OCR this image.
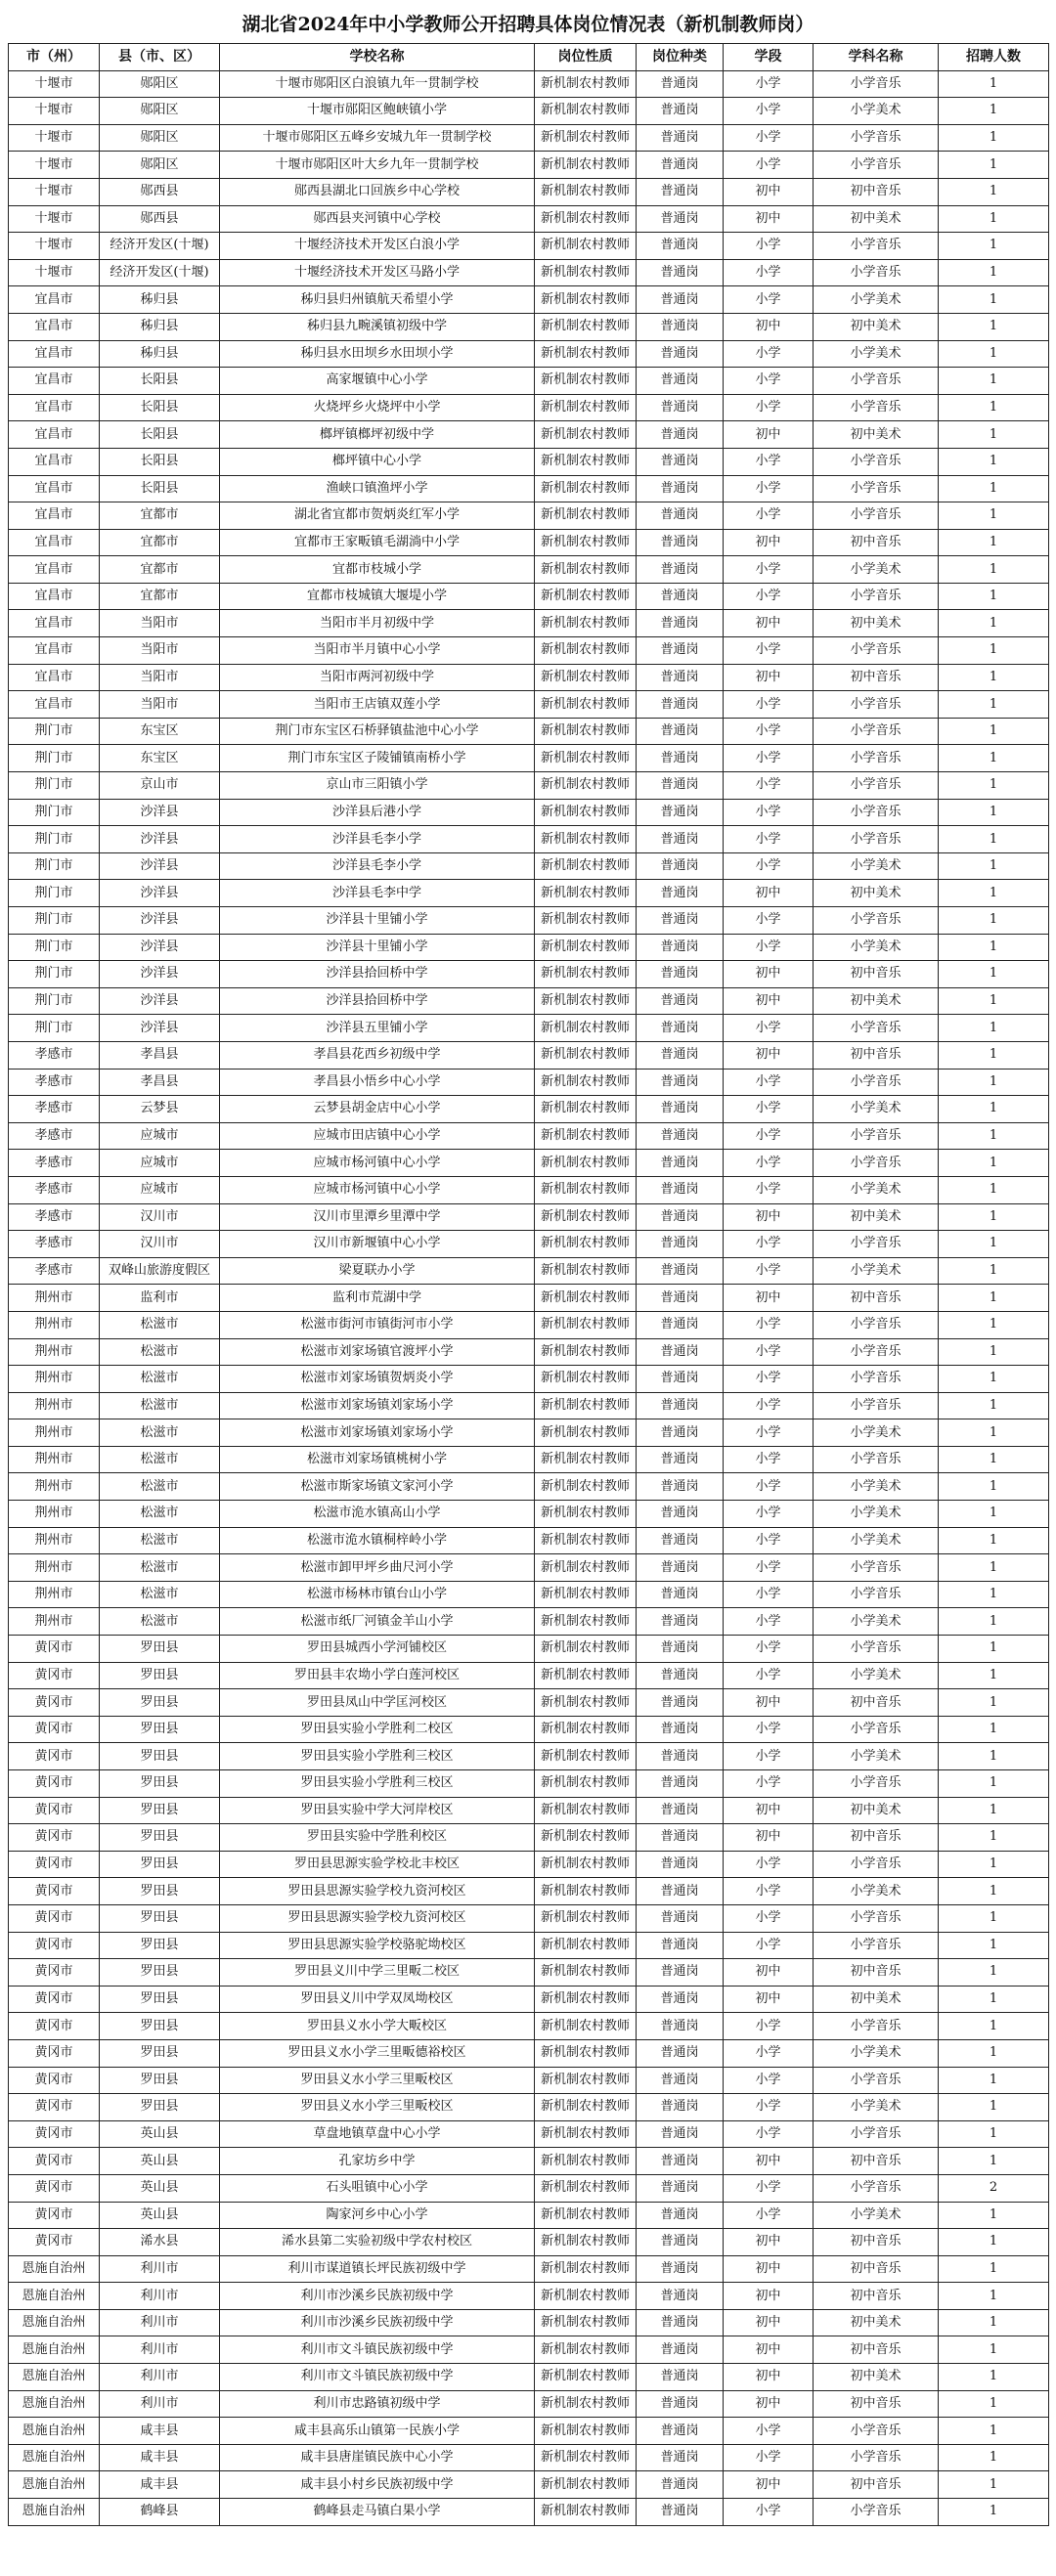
湖北省2024年中小学教师公开招聘具体岗位情况表（新机制教师岗）
市（州）	县（市、区）	学校名称	岗位性质	岗位种类	学段	学科名称	招聘人数
十堰市	郧阳区	十堰市郧阳区白浪镇九年一贯制学校	新机制农村教师	普通岗	小学	小学音乐	1
十堰市	郧阳区	十堰市郧阳区鲍峡镇小学	新机制农村教师	普通岗	小学	小学美术	1
十堰市	郧阳区	十堰市郧阳区五峰乡安城九年一贯制学校	新机制农村教师	普通岗	小学	小学音乐	1
十堰市	郧阳区	十堰市郧阳区叶大乡九年一贯制学校	新机制农村教师	普通岗	小学	小学音乐	1
十堰市	郧西县	郧西县湖北口回族乡中心学校	新机制农村教师	普通岗	初中	初中音乐	1
十堰市	郧西县	郧西县夹河镇中心学校	新机制农村教师	普通岗	初中	初中美术	1
十堰市	经济开发区(十堰)	十堰经济技术开发区白浪小学	新机制农村教师	普通岗	小学	小学音乐	1
十堰市	经济开发区(十堰)	十堰经济技术开发区马路小学	新机制农村教师	普通岗	小学	小学音乐	1
宜昌市	秭归县	秭归县归州镇航天希望小学	新机制农村教师	普通岗	小学	小学美术	1
宜昌市	秭归县	秭归县九畹溪镇初级中学	新机制农村教师	普通岗	初中	初中美术	1
宜昌市	秭归县	秭归县水田坝乡水田坝小学	新机制农村教师	普通岗	小学	小学美术	1
宜昌市	长阳县	高家堰镇中心小学	新机制农村教师	普通岗	小学	小学音乐	1
宜昌市	长阳县	火烧坪乡火烧坪中小学	新机制农村教师	普通岗	小学	小学音乐	1
宜昌市	长阳县	榔坪镇榔坪初级中学	新机制农村教师	普通岗	初中	初中美术	1
宜昌市	长阳县	榔坪镇中心小学	新机制农村教师	普通岗	小学	小学音乐	1
宜昌市	长阳县	渔峡口镇渔坪小学	新机制农村教师	普通岗	小学	小学音乐	1
宜昌市	宜都市	湖北省宜都市贺炳炎红军小学	新机制农村教师	普通岗	小学	小学音乐	1
宜昌市	宜都市	宜都市王家畈镇毛湖淌中小学	新机制农村教师	普通岗	初中	初中音乐	1
宜昌市	宜都市	宜都市枝城小学	新机制农村教师	普通岗	小学	小学美术	1
宜昌市	宜都市	宜都市枝城镇大堰堤小学	新机制农村教师	普通岗	小学	小学音乐	1
宜昌市	当阳市	当阳市半月初级中学	新机制农村教师	普通岗	初中	初中美术	1
宜昌市	当阳市	当阳市半月镇中心小学	新机制农村教师	普通岗	小学	小学音乐	1
宜昌市	当阳市	当阳市两河初级中学	新机制农村教师	普通岗	初中	初中音乐	1
宜昌市	当阳市	当阳市王店镇双莲小学	新机制农村教师	普通岗	小学	小学音乐	1
荆门市	东宝区	荆门市东宝区石桥驿镇盐池中心小学	新机制农村教师	普通岗	小学	小学音乐	1
荆门市	东宝区	荆门市东宝区子陵铺镇南桥小学	新机制农村教师	普通岗	小学	小学音乐	1
荆门市	京山市	京山市三阳镇小学	新机制农村教师	普通岗	小学	小学音乐	1
荆门市	沙洋县	沙洋县后港小学	新机制农村教师	普通岗	小学	小学音乐	1
荆门市	沙洋县	沙洋县毛李小学	新机制农村教师	普通岗	小学	小学音乐	1
荆门市	沙洋县	沙洋县毛李小学	新机制农村教师	普通岗	小学	小学美术	1
荆门市	沙洋县	沙洋县毛李中学	新机制农村教师	普通岗	初中	初中美术	1
荆门市	沙洋县	沙洋县十里铺小学	新机制农村教师	普通岗	小学	小学音乐	1
荆门市	沙洋县	沙洋县十里铺小学	新机制农村教师	普通岗	小学	小学美术	1
荆门市	沙洋县	沙洋县拾回桥中学	新机制农村教师	普通岗	初中	初中音乐	1
荆门市	沙洋县	沙洋县拾回桥中学	新机制农村教师	普通岗	初中	初中美术	1
荆门市	沙洋县	沙洋县五里铺小学	新机制农村教师	普通岗	小学	小学音乐	1
孝感市	孝昌县	孝昌县花西乡初级中学	新机制农村教师	普通岗	初中	初中音乐	1
孝感市	孝昌县	孝昌县小悟乡中心小学	新机制农村教师	普通岗	小学	小学音乐	1
孝感市	云梦县	云梦县胡金店中心小学	新机制农村教师	普通岗	小学	小学美术	1
孝感市	应城市	应城市田店镇中心小学	新机制农村教师	普通岗	小学	小学音乐	1
孝感市	应城市	应城市杨河镇中心小学	新机制农村教师	普通岗	小学	小学音乐	1
孝感市	应城市	应城市杨河镇中心小学	新机制农村教师	普通岗	小学	小学美术	1
孝感市	汉川市	汉川市里潭乡里潭中学	新机制农村教师	普通岗	初中	初中美术	1
孝感市	汉川市	汉川市新堰镇中心小学	新机制农村教师	普通岗	小学	小学音乐	1
孝感市	双峰山旅游度假区	梁夏联办小学	新机制农村教师	普通岗	小学	小学美术	1
荆州市	监利市	监利市荒湖中学	新机制农村教师	普通岗	初中	初中音乐	1
荆州市	松滋市	松滋市街河市镇街河市小学	新机制农村教师	普通岗	小学	小学音乐	1
荆州市	松滋市	松滋市刘家场镇官渡坪小学	新机制农村教师	普通岗	小学	小学音乐	1
荆州市	松滋市	松滋市刘家场镇贺炳炎小学	新机制农村教师	普通岗	小学	小学音乐	1
荆州市	松滋市	松滋市刘家场镇刘家场小学	新机制农村教师	普通岗	小学	小学音乐	1
荆州市	松滋市	松滋市刘家场镇刘家场小学	新机制农村教师	普通岗	小学	小学美术	1
荆州市	松滋市	松滋市刘家场镇桃树小学	新机制农村教师	普通岗	小学	小学音乐	1
荆州市	松滋市	松滋市斯家场镇文家河小学	新机制农村教师	普通岗	小学	小学美术	1
荆州市	松滋市	松滋市洈水镇高山小学	新机制农村教师	普通岗	小学	小学美术	1
荆州市	松滋市	松滋市洈水镇桐梓岭小学	新机制农村教师	普通岗	小学	小学美术	1
荆州市	松滋市	松滋市卸甲坪乡曲尺河小学	新机制农村教师	普通岗	小学	小学音乐	1
荆州市	松滋市	松滋市杨林市镇台山小学	新机制农村教师	普通岗	小学	小学音乐	1
荆州市	松滋市	松滋市纸厂河镇金羊山小学	新机制农村教师	普通岗	小学	小学美术	1
黄冈市	罗田县	罗田县城西小学河铺校区	新机制农村教师	普通岗	小学	小学音乐	1
黄冈市	罗田县	罗田县丰农坳小学白莲河校区	新机制农村教师	普通岗	小学	小学美术	1
黄冈市	罗田县	罗田县凤山中学匡河校区	新机制农村教师	普通岗	初中	初中音乐	1
黄冈市	罗田县	罗田县实验小学胜利二校区	新机制农村教师	普通岗	小学	小学音乐	1
黄冈市	罗田县	罗田县实验小学胜利三校区	新机制农村教师	普通岗	小学	小学美术	1
黄冈市	罗田县	罗田县实验小学胜利三校区	新机制农村教师	普通岗	小学	小学音乐	1
黄冈市	罗田县	罗田县实验中学大河岸校区	新机制农村教师	普通岗	初中	初中美术	1
黄冈市	罗田县	罗田县实验中学胜利校区	新机制农村教师	普通岗	初中	初中音乐	1
黄冈市	罗田县	罗田县思源实验学校北丰校区	新机制农村教师	普通岗	小学	小学音乐	1
黄冈市	罗田县	罗田县思源实验学校九资河校区	新机制农村教师	普通岗	小学	小学美术	1
黄冈市	罗田县	罗田县思源实验学校九资河校区	新机制农村教师	普通岗	小学	小学音乐	1
黄冈市	罗田县	罗田县思源实验学校骆驼坳校区	新机制农村教师	普通岗	小学	小学音乐	1
黄冈市	罗田县	罗田县义川中学三里畈二校区	新机制农村教师	普通岗	初中	初中音乐	1
黄冈市	罗田县	罗田县义川中学双凤坳校区	新机制农村教师	普通岗	初中	初中美术	1
黄冈市	罗田县	罗田县义水小学大畈校区	新机制农村教师	普通岗	小学	小学音乐	1
黄冈市	罗田县	罗田县义水小学三里畈德裕校区	新机制农村教师	普通岗	小学	小学美术	1
黄冈市	罗田县	罗田县义水小学三里畈校区	新机制农村教师	普通岗	小学	小学音乐	1
黄冈市	罗田县	罗田县义水小学三里畈校区	新机制农村教师	普通岗	小学	小学美术	1
黄冈市	英山县	草盘地镇草盘中心小学	新机制农村教师	普通岗	小学	小学音乐	1
黄冈市	英山县	孔家坊乡中学	新机制农村教师	普通岗	初中	初中音乐	1
黄冈市	英山县	石头咀镇中心小学	新机制农村教师	普通岗	小学	小学音乐	2
黄冈市	英山县	陶家河乡中心小学	新机制农村教师	普通岗	小学	小学美术	1
黄冈市	浠水县	浠水县第二实验初级中学农村校区	新机制农村教师	普通岗	初中	初中音乐	1
恩施自治州	利川市	利川市谋道镇长坪民族初级中学	新机制农村教师	普通岗	初中	初中音乐	1
恩施自治州	利川市	利川市沙溪乡民族初级中学	新机制农村教师	普通岗	初中	初中音乐	1
恩施自治州	利川市	利川市沙溪乡民族初级中学	新机制农村教师	普通岗	初中	初中美术	1
恩施自治州	利川市	利川市文斗镇民族初级中学	新机制农村教师	普通岗	初中	初中音乐	1
恩施自治州	利川市	利川市文斗镇民族初级中学	新机制农村教师	普通岗	初中	初中美术	1
恩施自治州	利川市	利川市忠路镇初级中学	新机制农村教师	普通岗	初中	初中音乐	1
恩施自治州	咸丰县	咸丰县高乐山镇第一民族小学	新机制农村教师	普通岗	小学	小学音乐	1
恩施自治州	咸丰县	咸丰县唐崖镇民族中心小学	新机制农村教师	普通岗	小学	小学音乐	1
恩施自治州	咸丰县	咸丰县小村乡民族初级中学	新机制农村教师	普通岗	初中	初中音乐	1
恩施自治州	鹤峰县	鹤峰县走马镇白果小学	新机制农村教师	普通岗	小学	小学音乐	1
